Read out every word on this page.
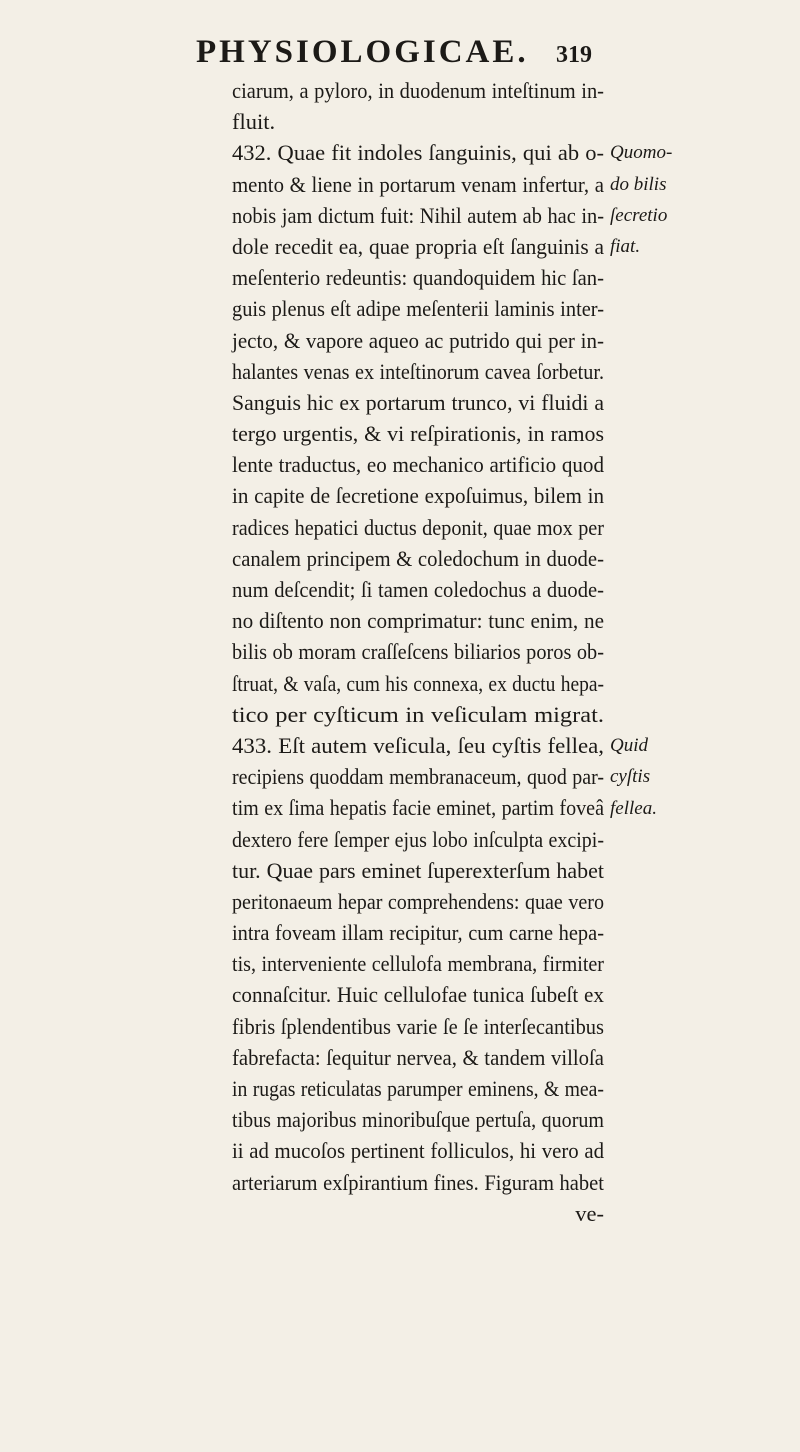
PHYSIOLOGICAE. 319
ciarum, a pyloro, in duodenum inteſtinum in-
fluit.
432. Quae fit indoles ſanguinis, qui ab o-
mento & liene in portarum venam infertur, a
nobis jam dictum fuit: Nihil autem ab hac in-
dole recedit ea, quae propria eſt ſanguinis a
meſenterio redeuntis: quandoquidem hic ſan-
guis plenus eſt adipe meſenterii laminis inter-
jecto, & vapore aqueo ac putrido qui per in-
halantes venas ex inteſtinorum cavea ſorbetur.
Sanguis hic ex portarum trunco, vi fluidi a
tergo urgentis, & vi reſpirationis, in ramos
lente traductus, eo mechanico artificio quod
in capite de ſecretione expoſuimus, bilem in
radices hepatici ductus deponit, quae mox per
canalem principem & coledochum in duode-
num deſcendit; ſi tamen coledochus a duode-
no diſtento non comprimatur: tunc enim, ne
bilis ob moram craſſeſcens biliarios poros ob-
ſtruat, & vaſa, cum his connexa, ex ductu hepa-
tico per cyſticum in veſiculam migrat.
433. Eſt autem veſicula, ſeu cyſtis fellea,
recipiens quoddam membranaceum, quod par-
tim ex ſima hepatis facie eminet, partim foveâ
dextero fere ſemper ejus lobo inſculpta excipi-
tur. Quae pars eminet ſuperexterſum habet
peritonaeum hepar comprehendens: quae vero
intra foveam illam recipitur, cum carne hepa-
tis, interveniente cellulofa membrana, firmiter
connaſcitur. Huic cellulofae tunica ſubeſt ex
fibris ſplendentibus varie ſe ſe interſecantibus
fabrefacta: ſequitur nervea, & tandem villoſa
in rugas reticulatas parumper eminens, & mea-
tibus majoribus minoribuſque pertuſa, quorum
ii ad mucoſos pertinent folliculos, hi vero ad
arteriarum exſpirantium fines. Figuram habet
ve-
Quomo-
do bilis
ſecretio
fiat.
Quid
cyſtis
fellea.
